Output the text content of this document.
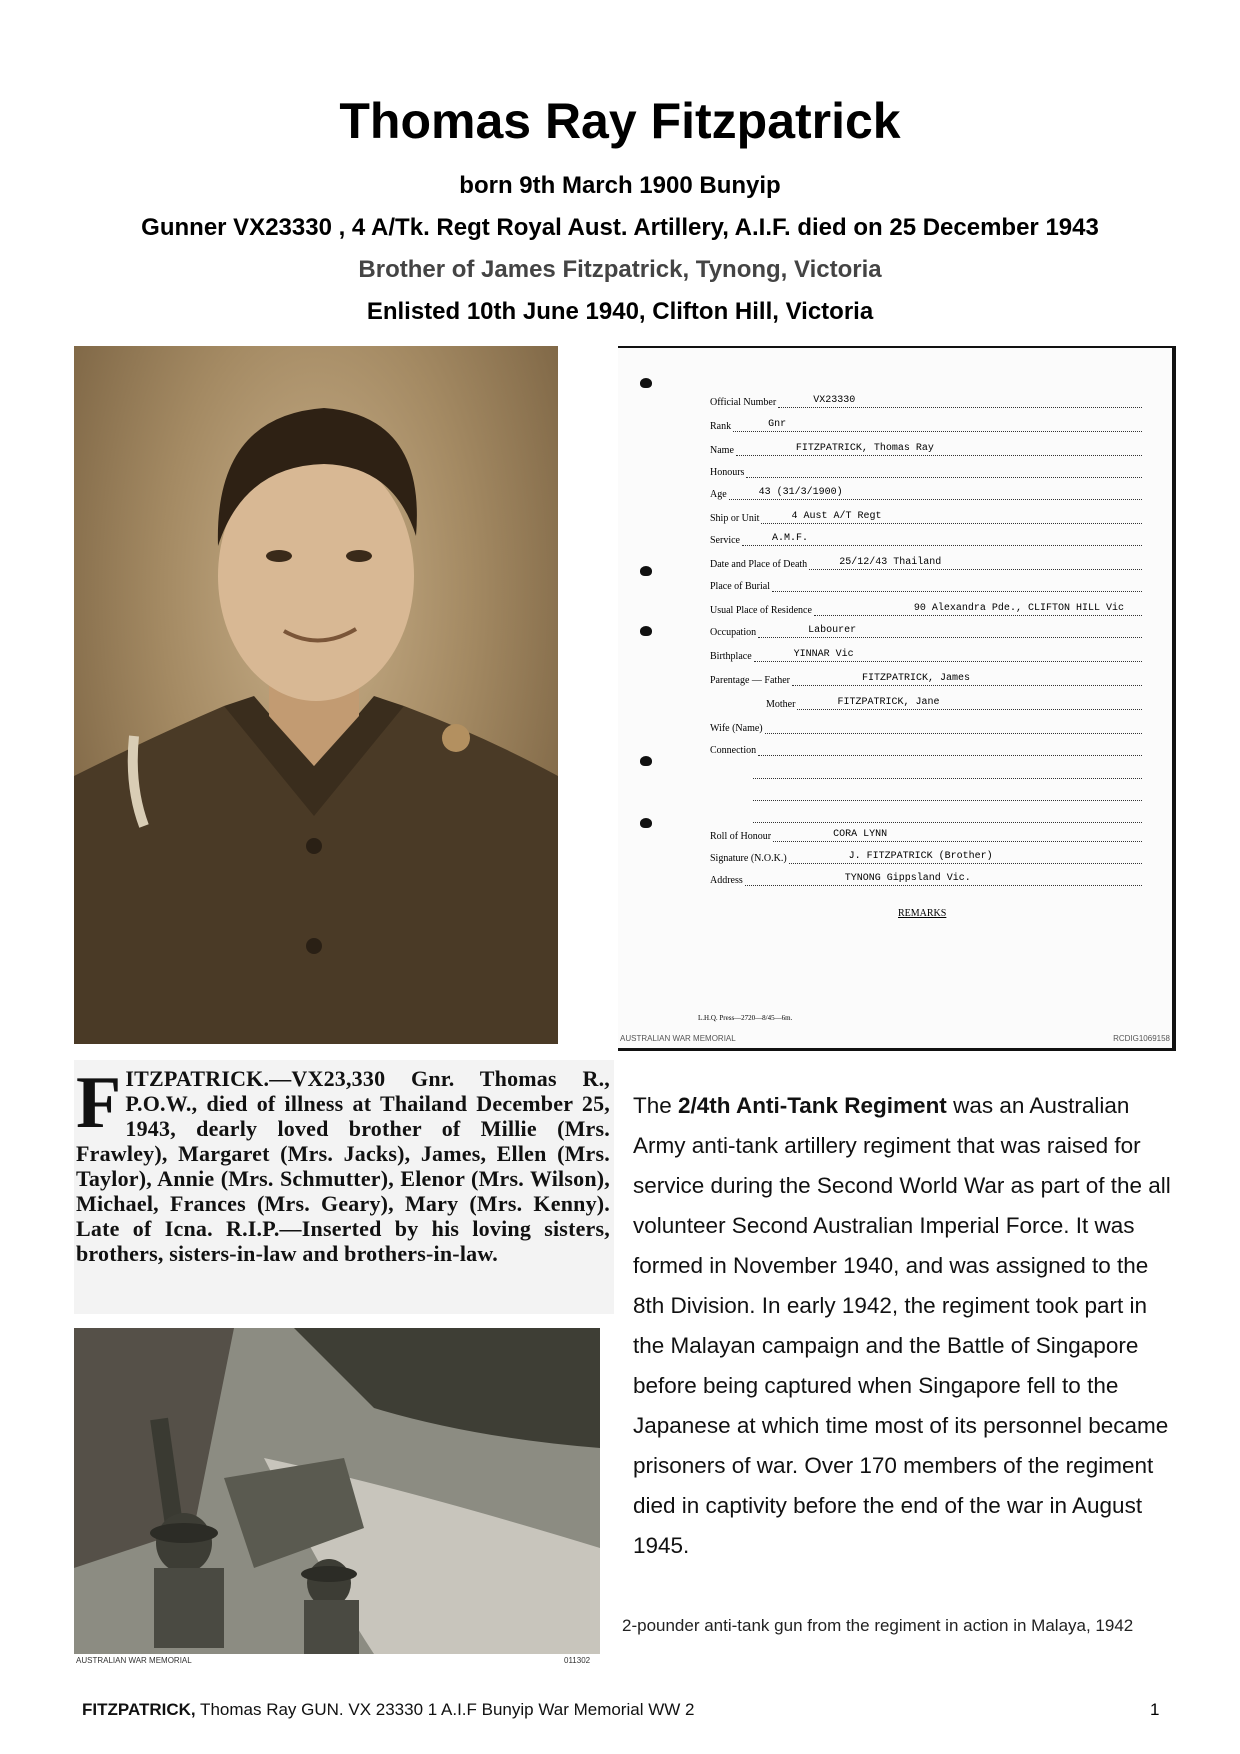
Thomas Ray Fitzpatrick
born 9th March 1900 Bunyip
Gunner VX23330 , 4 A/Tk. Regt Royal Aust. Artillery, A.I.F. died on 25 December 1943
Brother of James Fitzpatrick, Tynong, Victoria
Enlisted 10th June 1940, Clifton Hill, Victoria
Official Number	VX23330
Rank	Gnr
Name	FITZPATRICK, Thomas Ray
Honours
Age	43 (31/3/1900)
Ship or Unit	4 Aust A/T Regt
Service	A.M.F.
Date and Place of Death	25/12/43 Thailand
Place of Burial
Usual Place of Residence	90 Alexandra Pde., CLIFTON HILL Vic
Occupation	Labourer
Birthplace	YINNAR Vic
Parentage — Father	FITZPATRICK, James
Mother	FITZPATRICK, Jane
Wife (Name)
Connection
Roll of Honour	CORA LYNN
Signature (N.O.K.)	J. FITZPATRICK (Brother)
Address	TYNONG Gippsland Vic.
REMARKS
L.H.Q. Press—2720—8/45—6m.
AUSTRALIAN WAR MEMORIAL	RCDIG1069158

FITZPATRICK.—VX23,330 Gnr. Thomas R., P.O.W., died of illness at Thailand December 25, 1943, dearly loved brother of Millie (Mrs. Frawley), Margaret (Mrs. Jacks), James, Ellen (Mrs. Taylor), Annie (Mrs. Schmutter), Elenor (Mrs. Wilson), Michael, Frances (Mrs. Geary), Mary (Mrs. Kenny). Late of Icna. R.I.P.—Inserted by his loving sisters, brothers, sisters-in-law and brothers-in-law.

AUSTRALIAN WAR MEMORIAL	011302
The 2/4th Anti-Tank Regiment was an Australian Army anti-tank artillery regiment that was raised for service during the Second World War as part of the all volunteer Second Australian Imperial Force. It was formed in November 1940, and was assigned to the 8th Division. In early 1942, the regiment took part in the Malayan campaign and the Battle of Singapore before being captured when Singapore fell to the Japanese at which time most of its personnel became prisoners of war. Over 170 members of the regiment died in captivity before the end of the war in August 1945.
2-pounder anti-tank gun from the regiment in action in Malaya, 1942
FITZPATRICK, Thomas Ray GUN. VX 23330 1 A.I.F Bunyip War Memorial WW 2	1
